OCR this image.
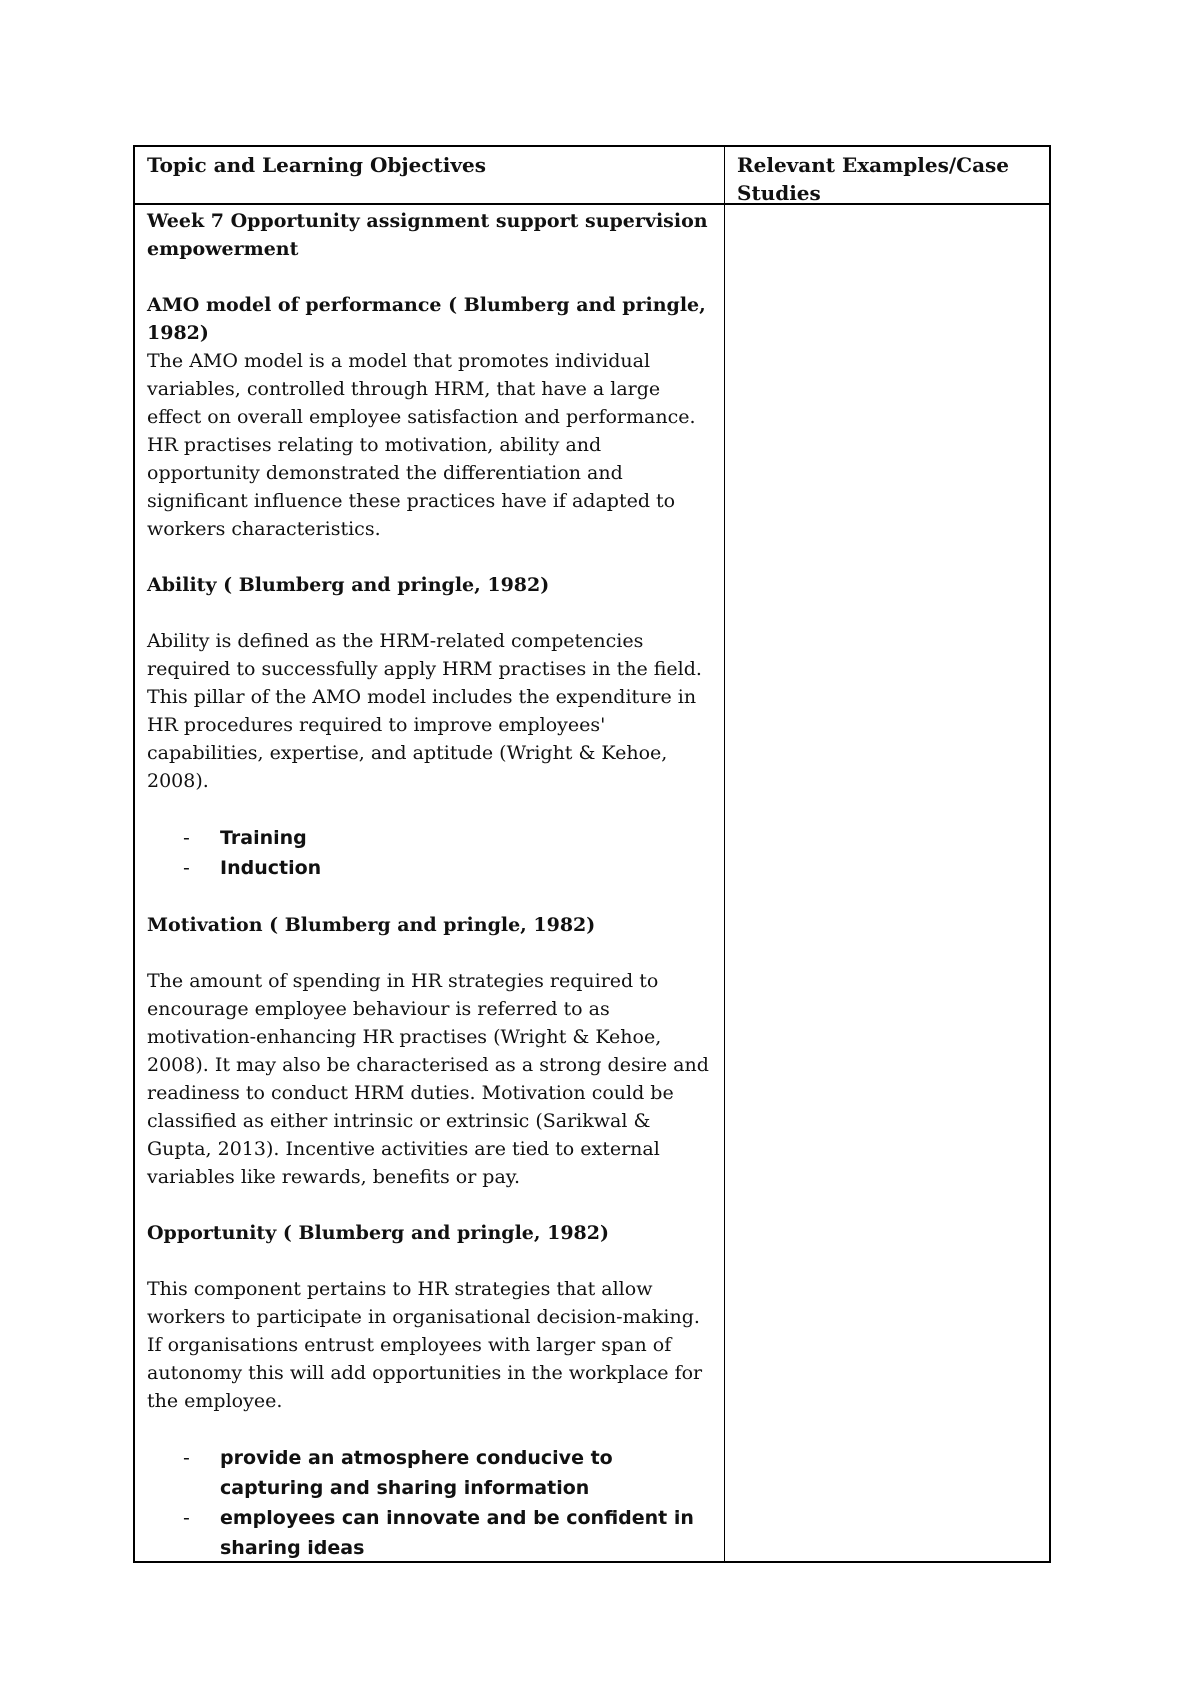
Topic and Learning Objectives	Relevant Examples/Case Studies

Week 7 Opportunity assignment support supervision empowerment

AMO model of performance ( Blumberg and pringle, 1982)

The AMO model is a model that promotes individual variables, controlled through HRM, that have a large effect on overall employee satisfaction and performance. HR practises relating to motivation, ability and opportunity demonstrated the differentiation and significant influence these practices have if adapted to workers characteristics.

Ability ( Blumberg and pringle, 1982)

Ability is defined as the HRM-related competencies required to successfully apply HRM practises in the field. This pillar of the AMO model includes the expenditure in HR procedures required to improve employees' capabilities, expertise, and aptitude (Wright & Kehoe, 2008).

- Training
- Induction

Motivation ( Blumberg and pringle, 1982)

The amount of spending in HR strategies required to encourage employee behaviour is referred to as motivation-enhancing HR practises (Wright & Kehoe, 2008). It may also be characterised as a strong desire and readiness to conduct HRM duties. Motivation could be classified as either intrinsic or extrinsic (Sarikwal & Gupta, 2013). Incentive activities are tied to external variables like rewards, benefits or pay.

Opportunity ( Blumberg and pringle, 1982)

This component pertains to HR strategies that allow workers to participate in organisational decision-making. If organisations entrust employees with larger span of autonomy this will add opportunities in the workplace for the employee.

- provide an atmosphere conducive to capturing and sharing information
- employees can innovate and be confident in sharing ideas
